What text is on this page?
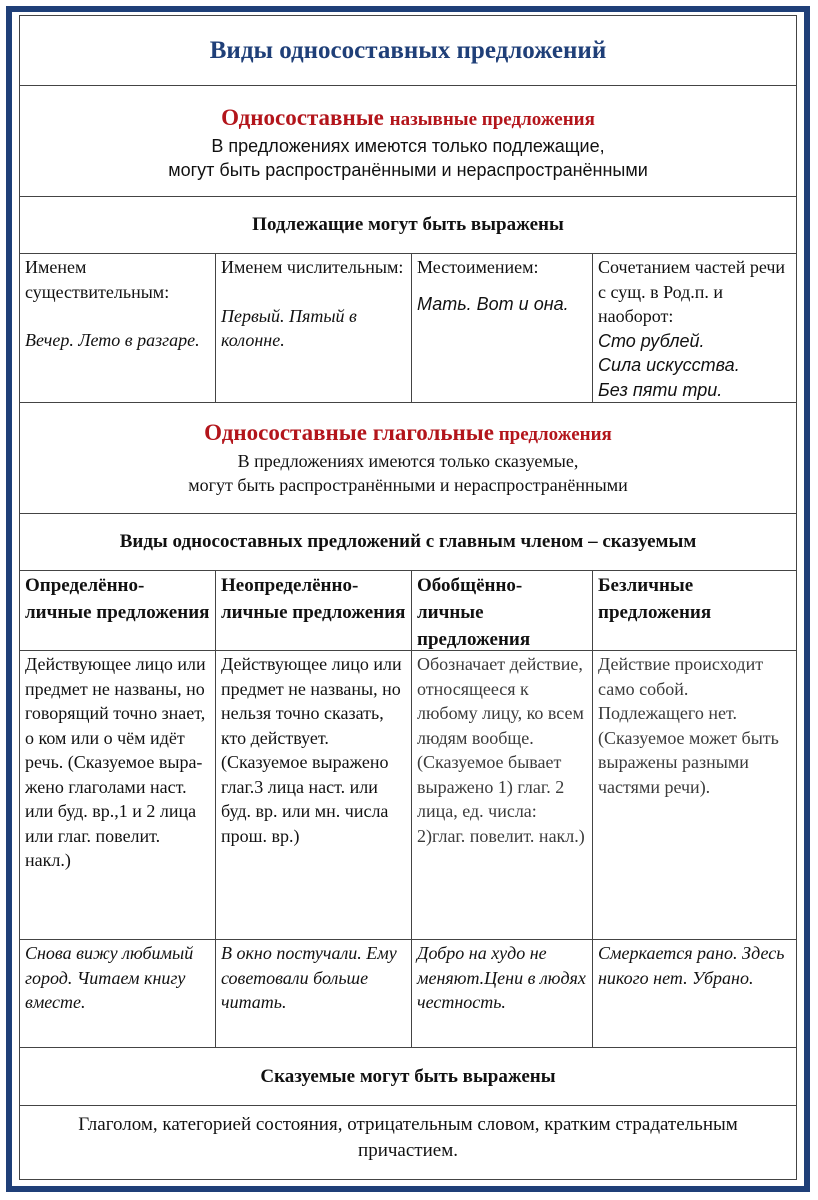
Виды односоставных предложений
Односоставные назывные предложения
В предложениях имеются только подлежащие,
могут быть распространёнными и нераспространёнными
Подлежащие могут быть выражены
Именем существительным:
Вечер. Лето в разгаре.
Именем числительным:
Первый. Пятый в колонне.
Местоимением:
Мать. Вот и она.
Сочетанием частей речи с сущ. в Род.п. и наоборот:
Сто рублей.
Сила искусства.
Без пяти три.
Односоставные глагольные предложения
В предложениях имеются только сказуемые,
могут быть распространёнными и нераспространёнными
Виды односоставных предложений с главным членом – сказуемым
Определённо-личные предложения
Неопределённо-личные предложения
Обобщённо-личные предложения
Безличные предложения
Действующее лицо или предмет не названы, но говорящий точно знает, о ком или о чём идёт речь. (Сказуемое выра-жено глаголами наст. или буд. вр.,1 и 2 лица или глаг. повелит. накл.)
Действующее лицо или предмет не названы, но нельзя точно сказать, кто действует. (Сказуемое выражено глаг.3 лица наст. или буд. вр. или мн. числа прош. вр.)
Обозначает действие, относящееся к любому лицу, ко всем людям вообще.  (Сказуемое бывает выражено 1) глаг. 2 лица, ед. числа: 2)глаг. повелит. накл.)
Действие происходит само собой. Подлежащего нет. (Сказуемое может быть выражены разными частями речи).
Снова вижу любимый город. Читаем книгу вместе.
В окно постучали. Ему советовали больше читать.
Добро на худо не меняют.Цени в людях честность.
Смеркается рано. Здесь никого нет. Убрано.
Сказуемые могут быть выражены
Глаголом, категорией состояния, отрицательным словом, кратким страдательным причастием.
